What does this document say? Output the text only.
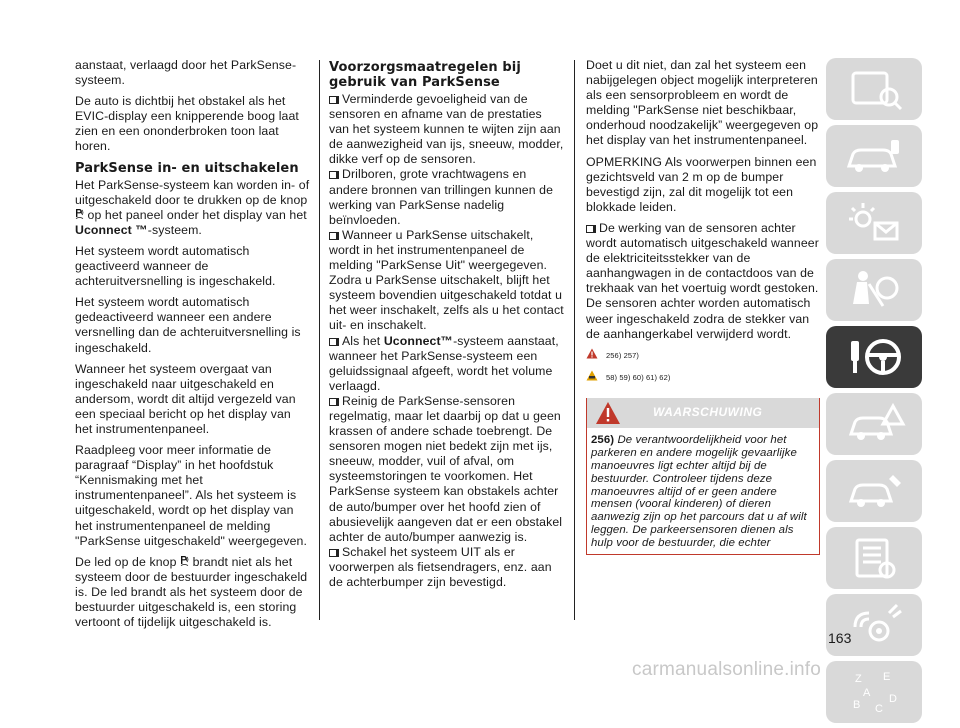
aanstaat, verlaagd door het ParkSense-systeem.

De auto is dichtbij het obstakel als het EVIC-display een knipperende boog laat zien en een ononderbroken toon laat horen.

ParkSense in- en uitschakelen

Het ParkSense-systeem kan worden in- of uitgeschakeld door te drukken op de knop  op het paneel onder het display van het Uconnect ™-systeem.

Het systeem wordt automatisch geactiveerd wanneer de achteruitversnelling is ingeschakeld.

Het systeem wordt automatisch gedeactiveerd wanneer een andere versnelling dan de achteruitversnelling is ingeschakeld.

Wanneer het systeem overgaat van ingeschakeld naar uitgeschakeld en andersom, wordt dit altijd vergezeld van een speciaal bericht op het display van het instrumentenpaneel.

Raadpleeg voor meer informatie de paragraaf “Display” in het hoofdstuk “Kennismaking met het instrumentenpaneel”. Als het systeem is uitgeschakeld, wordt op het display van het instrumentenpaneel de melding "ParkSense uitgeschakeld" weergegeven.

De led op de knop brandt niet als het systeem door de bestuurder ingeschakeld is. De led brandt als het systeem door de bestuurder uitgeschakeld is, een storing vertoont of tijdelijk uitgeschakeld is.

Voorzorgsmaatregelen bij gebruik van ParkSense
Verminderde gevoeligheid van de sensoren en afname van de prestaties van het systeem kunnen te wijten zijn aan de aanwezigheid van ijs, sneeuw, modder, dikke verf op de sensoren.
Drilboren, grote vrachtwagens en andere bronnen van trillingen kunnen de werking van ParkSense nadelig beïnvloeden.
Wanneer u ParkSense uitschakelt, wordt in het instrumentenpaneel de melding "ParkSense Uit" weergegeven. Zodra u ParkSense uitschakelt, blijft het systeem bovendien uitgeschakeld totdat u het weer inschakelt, zelfs als u het contact uit- en inschakelt.
Als het Uconnect™-systeem aanstaat, wanneer het ParkSense-systeem een geluidssignaal afgeeft, wordt het volume verlaagd.
Reinig de ParkSense-sensoren regelmatig, maar let daarbij op dat u geen krassen of andere schade toebrengt. De sensoren mogen niet bedekt zijn met ijs, sneeuw, modder, vuil of afval, om systeemstoringen te voorkomen. Het ParkSense systeem kan obstakels achter de auto/bumper over het hoofd zien of abusievelijk aangeven dat er een obstakel achter de auto/bumper aanwezig is.
Schakel het systeem UIT als er voorwerpen als fietsendragers, enz. aan de achterbumper zijn bevestigd.

Doet u dit niet, dan zal het systeem een nabijgelegen object mogelijk interpreteren als een sensorprobleem en wordt de melding "ParkSense niet beschikbaar, onderhoud noodzakelijk” weergegeven op het display van het instrumentenpaneel.

OPMERKING Als voorwerpen binnen een gezichtsveld van 2 m op de bumper bevestigd zijn, zal dit mogelijk tot een blokkade leiden.

De werking van de sensoren achter wordt automatisch uitgeschakeld wanneer de elektriciteitsstekker van de aanhangwagen in de contactdoos van de trekhaak van het voertuig wordt gestoken. De sensoren achter worden automatisch weer ingeschakeld zodra de stekker van de aanhangerkabel verwijderd wordt.

256) 257)
58) 59) 60) 61) 62)
WAARSCHUWING
256) De verantwoordelijkheid voor het parkeren en andere mogelijk gevaarlijke manoeuvres ligt echter altijd bij de bestuurder. Controleer tijdens deze manoeuvres altijd of er geen andere mensen (vooral kinderen) of dieren aanwezig zijn op het parcours dat u af wilt leggen. De parkeersensoren dienen als hulp voor de bestuurder, die echter
Z E
A
B C
D
163
carmanualsonline.info
